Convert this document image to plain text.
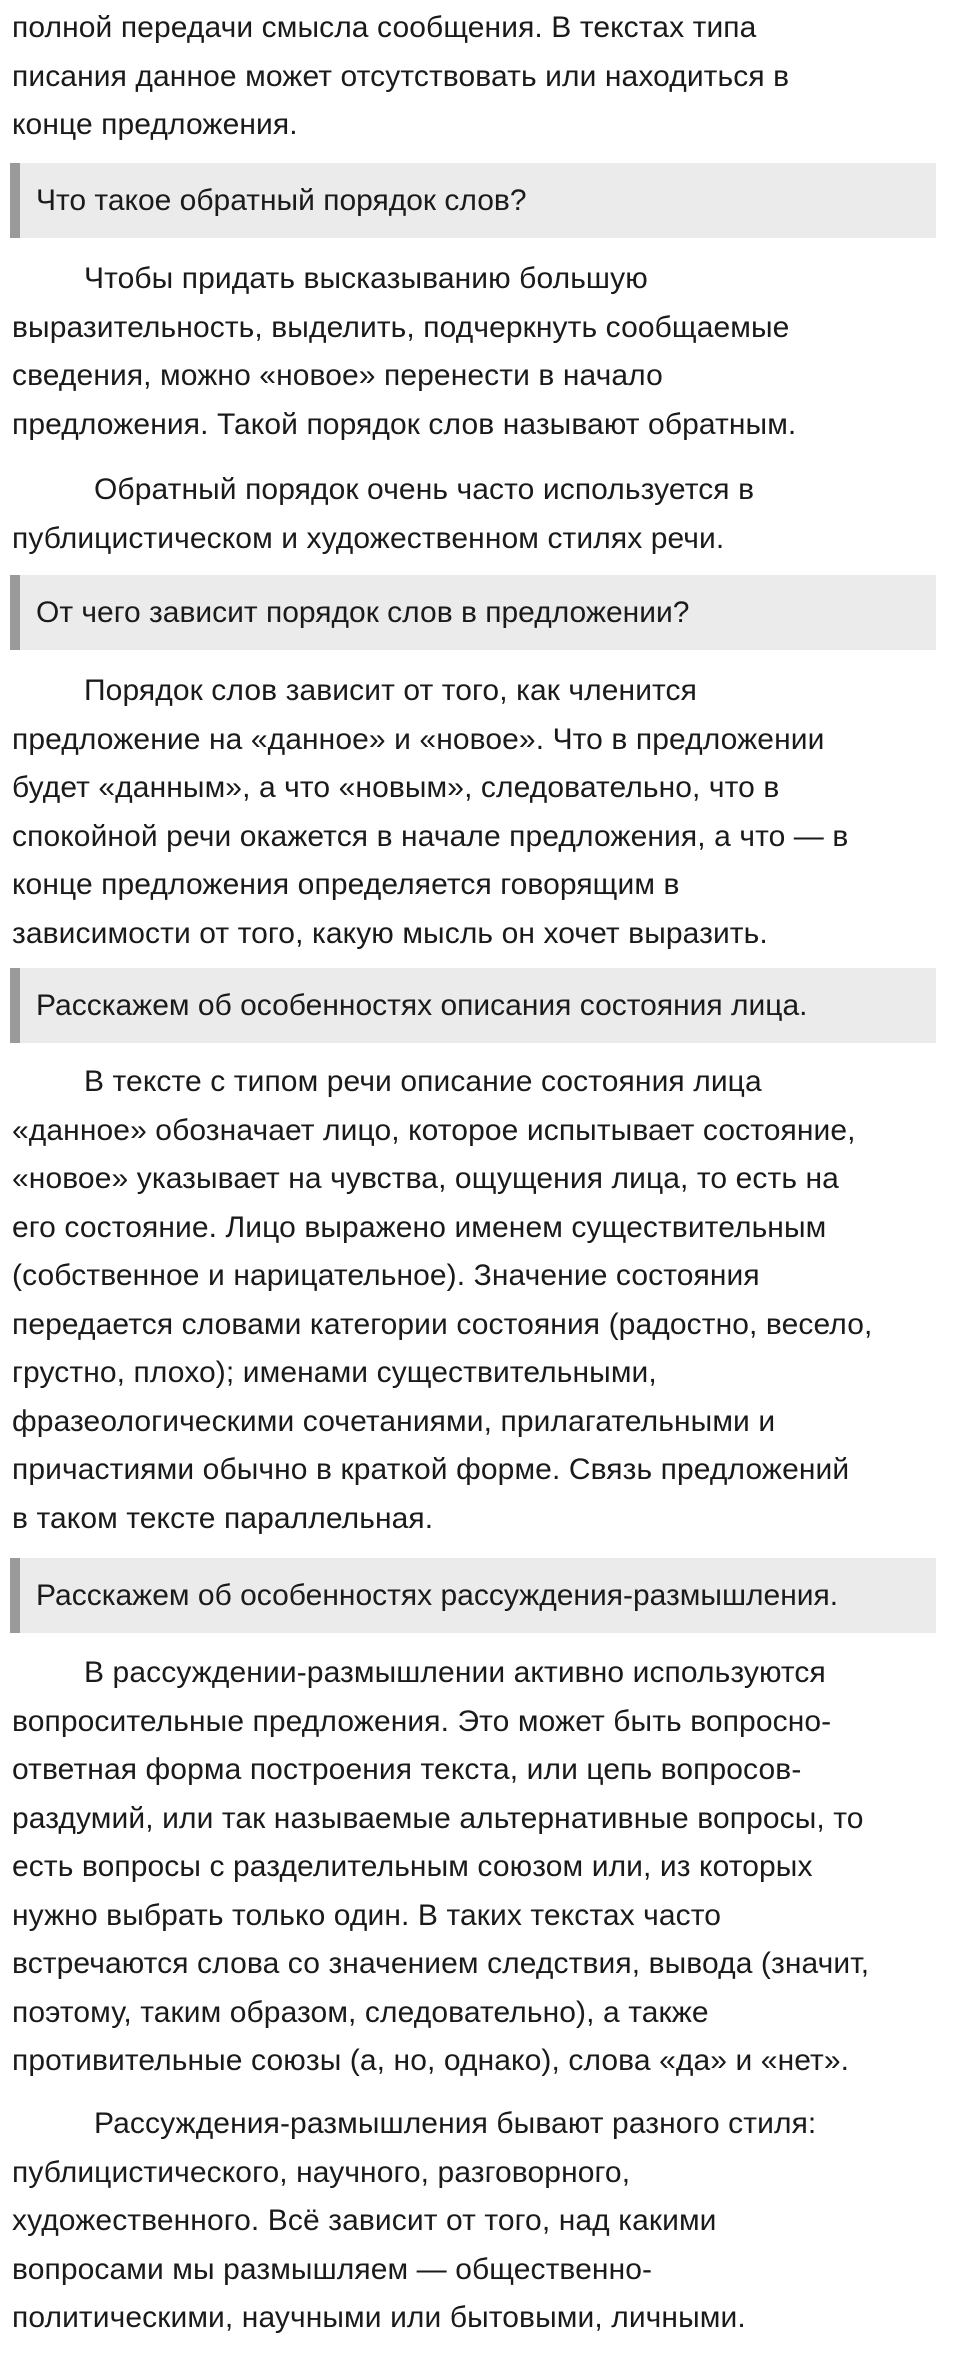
полной передачи смысла сообщения. В текстах типа
писания данное может отсутствовать или находиться в
конце предложения.
Что такое обратный порядок слов?
Чтобы придать высказыванию большую
выразительность, выделить, подчеркнуть сообщаемые
сведения, можно «новое» перенести в начало
предложения. Такой порядок слов называют обратным.
Обратный порядок очень часто используется в
публицистическом и художественном стилях речи.
От чего зависит порядок слов в предложении?
Порядок слов зависит от того, как членится
предложение на «данное» и «новое». Что в предложении
будет «данным», а что «новым», следовательно, что в
спокойной речи окажется в начале предложения, а что — в
конце предложения определяется говорящим в
зависимости от того, какую мысль он хочет выразить.
Расскажем об особенностях описания состояния лица.
В тексте с типом речи описание состояния лица
«данное» обозначает лицо, которое испытывает состояние,
«новое» указывает на чувства, ощущения лица, то есть на
его состояние. Лицо выражено именем существительным
(собственное и нарицательное). Значение состояния
передается словами категории состояния (радостно, весело,
грустно, плохо); именами существительными,
фразеологическими сочетаниями, прилагательными и
причастиями обычно в краткой форме. Связь предложений
в таком тексте параллельная.
Расскажем об особенностях рассуждения-размышления.
В рассуждении-размышлении активно используются
вопросительные предложения. Это может быть вопросно-
ответная форма построения текста, или цепь вопросов-
раздумий, или так называемые альтернативные вопросы, то
есть вопросы с разделительным союзом или, из которых
нужно выбрать только один. В таких текстах часто
встречаются слова со значением следствия, вывода (значит,
поэтому, таким образом, следовательно), а также
противительные союзы (а, но, однако), слова «да» и «нет».
Рассуждения-размышления бывают разного стиля:
публицистического, научного, разговорного,
художественного. Всё зависит от того, над какими
вопросами мы размышляем — общественно-
политическими, научными или бытовыми, личными.
